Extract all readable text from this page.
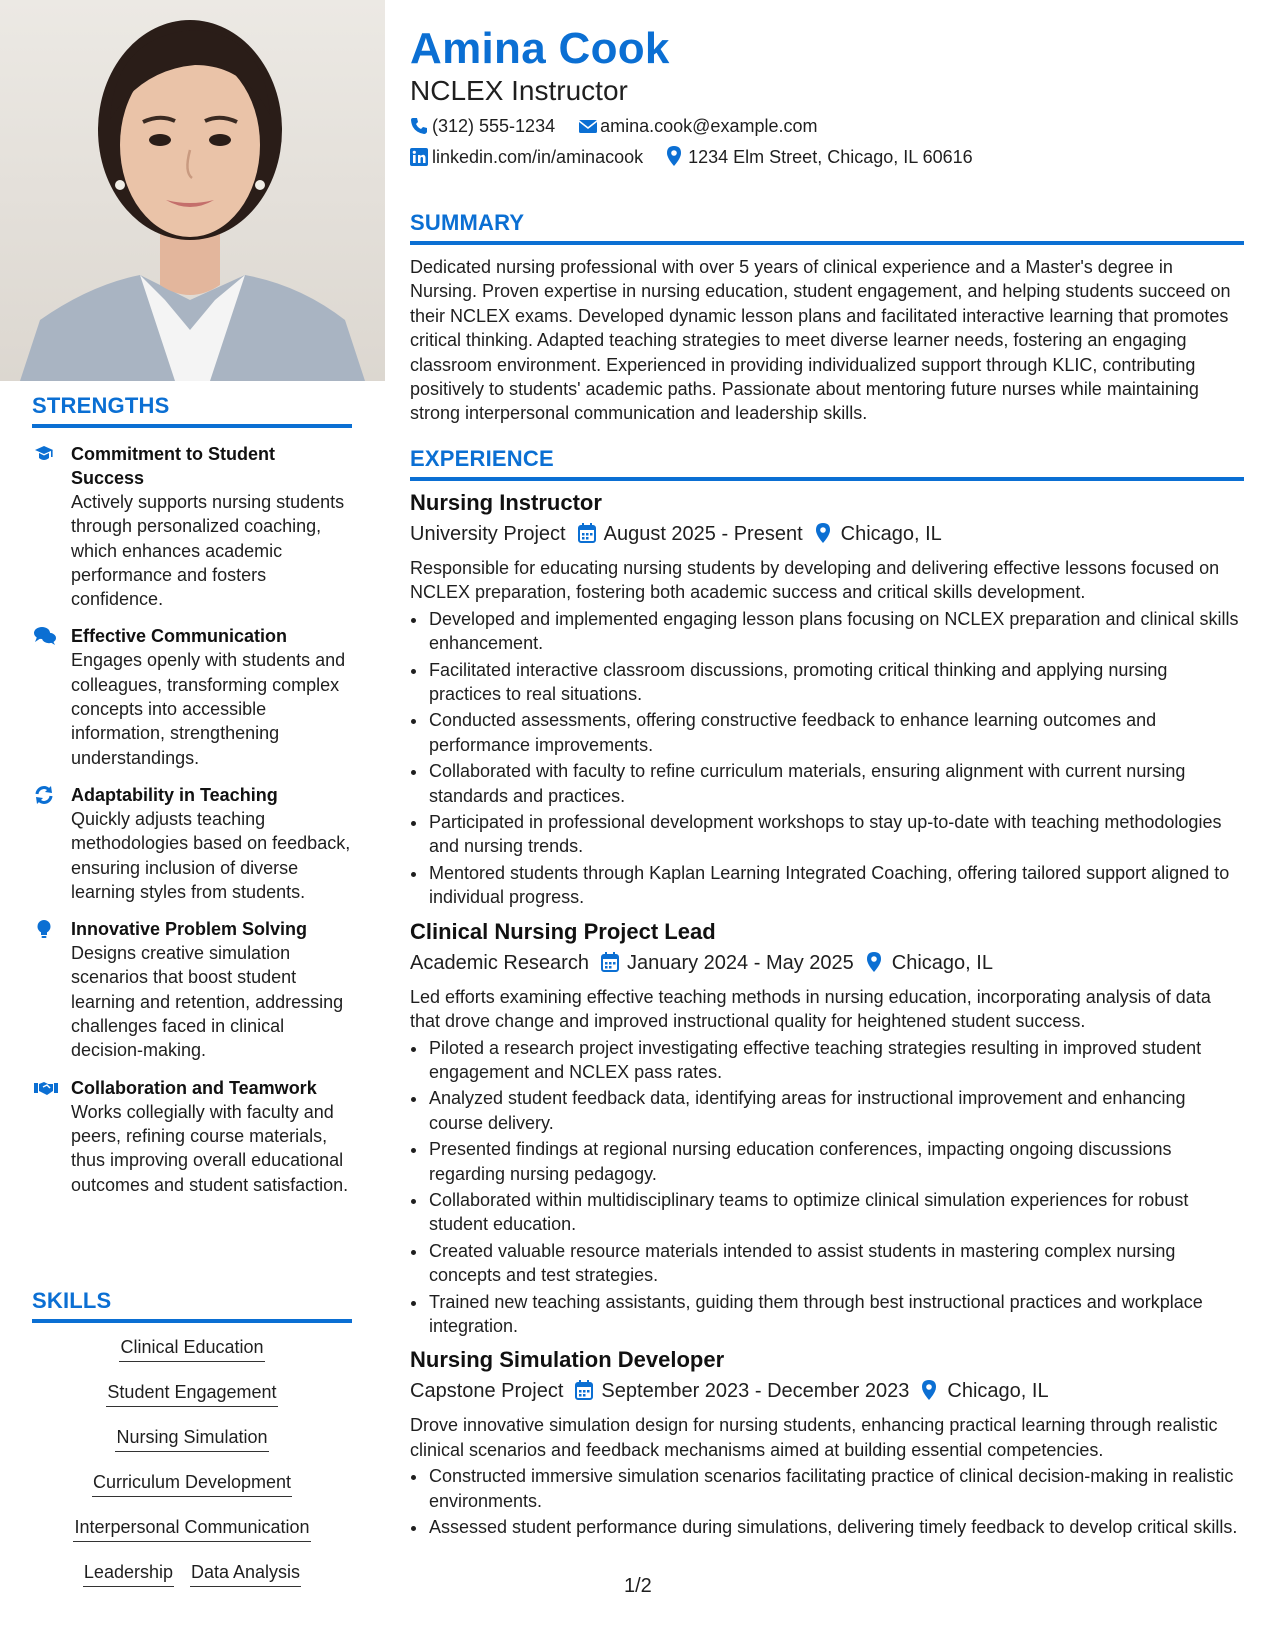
STRENGTHS
Commitment to Student Success
Actively supports nursing students through personalized coaching, which enhances academic performance and fosters confidence.
Effective Communication
Engages openly with students and colleagues, transforming complex concepts into accessible information, strengthening understandings.
Adaptability in Teaching
Quickly adjusts teaching methodologies based on feedback, ensuring inclusion of diverse learning styles from students.
Innovative Problem Solving
Designs creative simulation scenarios that boost student learning and retention, addressing challenges faced in clinical decision-making.
Collaboration and Teamwork
Works collegially with faculty and peers, refining course materials, thus improving overall educational outcomes and student satisfaction.
SKILLS
Clinical Education
Student Engagement
Nursing Simulation
Curriculum Development
Interpersonal Communication
Leadership Data Analysis
Amina Cook
NCLEX Instructor
(312) 555-1234	amina.cook@example.com
linkedin.com/in/aminacook	1234 Elm Street, Chicago, IL 60616
SUMMARY

Dedicated nursing professional with over 5 years of clinical experience and a Master's degree in Nursing. Proven expertise in nursing education, student engagement, and helping students succeed on their NCLEX exams. Developed dynamic lesson plans and facilitated interactive learning that promotes critical thinking. Adapted teaching strategies to meet diverse learner needs, fostering an engaging classroom environment. Experienced in providing individualized support through KLIC, contributing positively to students' academic paths. Passionate about mentoring future nurses while maintaining strong interpersonal communication and leadership skills.

EXPERIENCE
Nursing Instructor
University Project August 2025 - Present Chicago, IL
Responsible for educating nursing students by developing and delivering effective lessons focused on NCLEX preparation, fostering both academic success and critical skills development.
• Developed and implemented engaging lesson plans focusing on NCLEX preparation and clinical skills enhancement.
• Facilitated interactive classroom discussions, promoting critical thinking and applying nursing practices to real situations.
• Conducted assessments, offering constructive feedback to enhance learning outcomes and performance improvements.
• Collaborated with faculty to refine curriculum materials, ensuring alignment with current nursing standards and practices.
• Participated in professional development workshops to stay up-to-date with teaching methodologies and nursing trends.
• Mentored students through Kaplan Learning Integrated Coaching, offering tailored support aligned to individual progress.
Clinical Nursing Project Lead
Academic Research January 2024 - May 2025 Chicago, IL
Led efforts examining effective teaching methods in nursing education, incorporating analysis of data that drove change and improved instructional quality for heightened student success.
• Piloted a research project investigating effective teaching strategies resulting in improved student engagement and NCLEX pass rates.
• Analyzed student feedback data, identifying areas for instructional improvement and enhancing course delivery.
• Presented findings at regional nursing education conferences, impacting ongoing discussions regarding nursing pedagogy.
• Collaborated within multidisciplinary teams to optimize clinical simulation experiences for robust student education.
• Created valuable resource materials intended to assist students in mastering complex nursing concepts and test strategies.
• Trained new teaching assistants, guiding them through best instructional practices and workplace integration.
Nursing Simulation Developer
Capstone Project September 2023 - December 2023 Chicago, IL
Drove innovative simulation design for nursing students, enhancing practical learning through realistic clinical scenarios and feedback mechanisms aimed at building essential competencies.
• Constructed immersive simulation scenarios facilitating practice of clinical decision-making in realistic environments.
• Assessed student performance during simulations, delivering timely feedback to develop critical skills.
1/2
